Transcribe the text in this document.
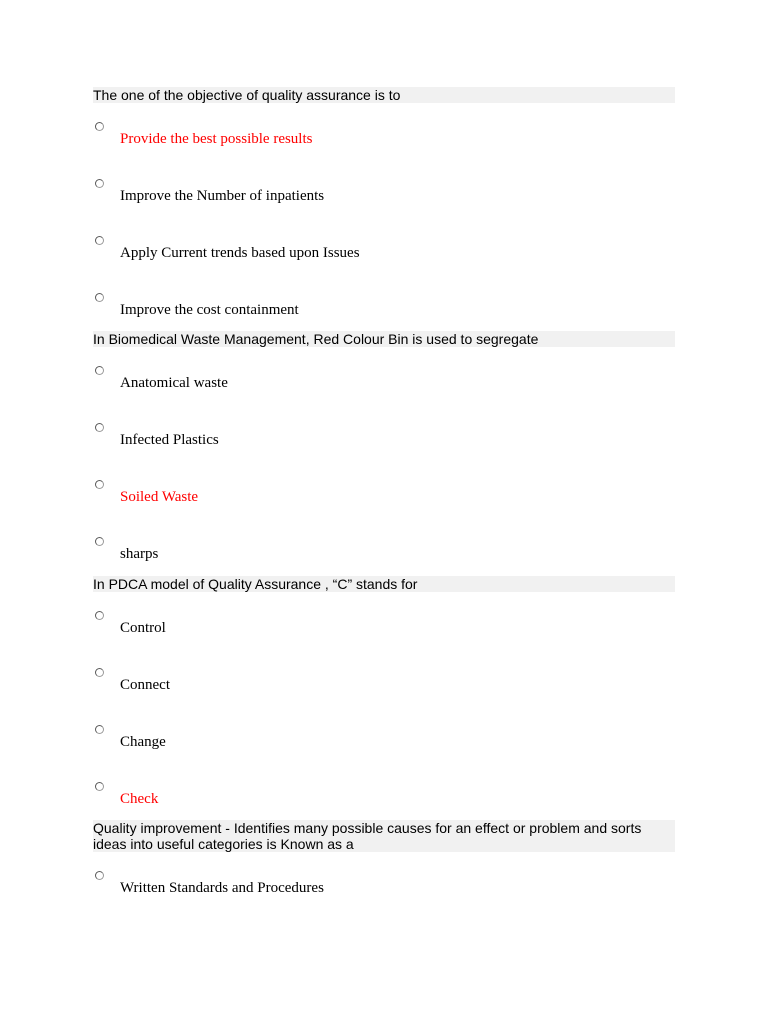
The one of the objective of quality assurance is to
Provide the best possible results
Improve the Number of inpatients
Apply Current trends based upon Issues
Improve the cost containment
In Biomedical Waste Management, Red Colour Bin is used to segregate
Anatomical waste
Infected Plastics
Soiled Waste
sharps
In PDCA model of Quality Assurance , “C” stands for
Control
Connect
Change
Check
Quality improvement - Identifies many possible causes for an effect or problem and sorts ideas into useful categories is Known as a
Written Standards and Procedures
